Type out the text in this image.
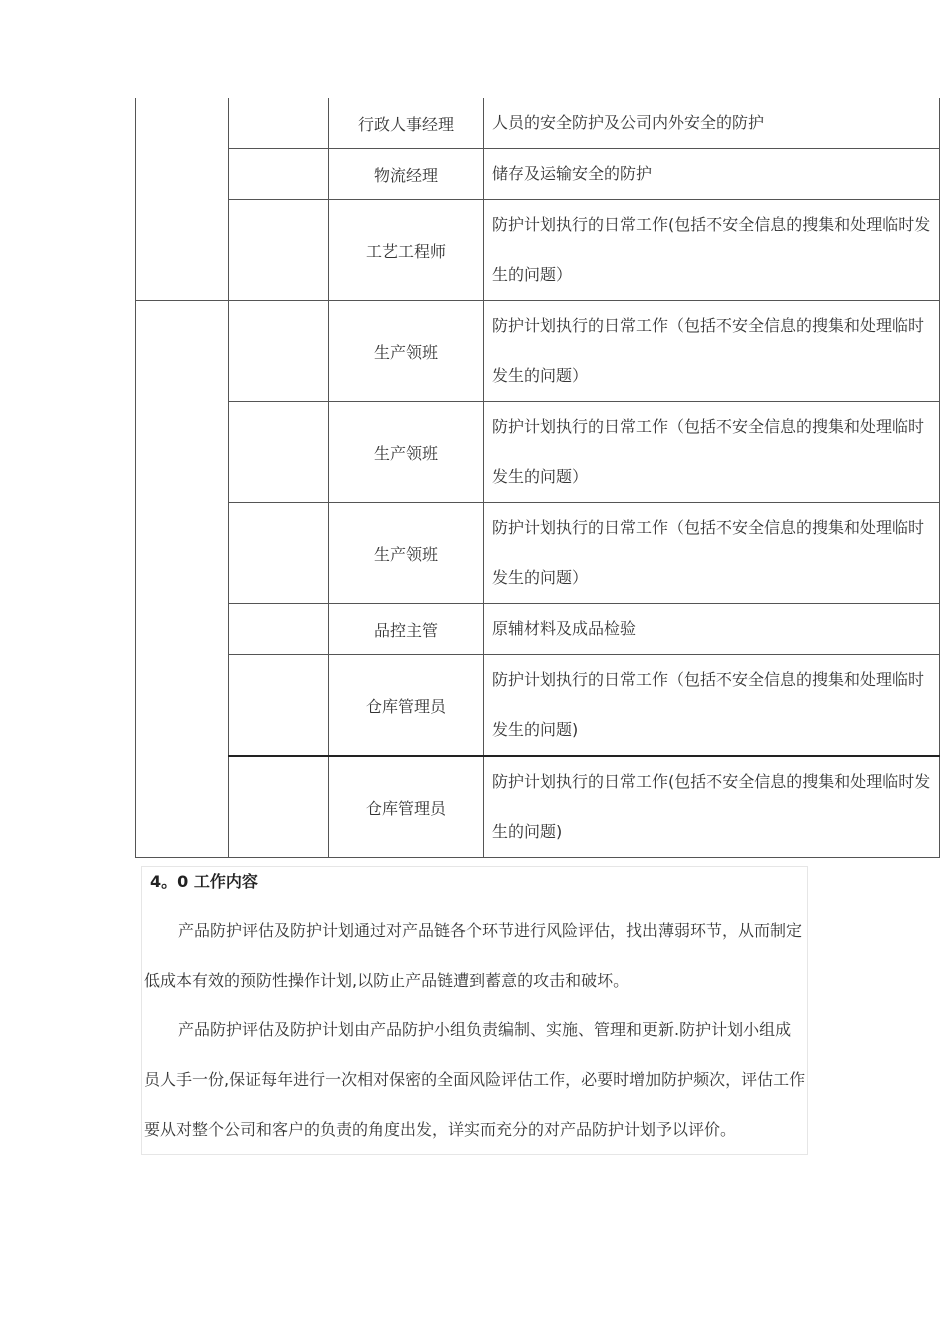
		行政人事经理	人员的安全防护及公司内外安全的防护
		物流经理	储存及运输安全的防护
		工艺工程师	防护计划执行的日常工作(包括不安全信息的搜集和处理临时发生的问题）
		生产领班	防护计划执行的日常工作（包括不安全信息的搜集和处理临时发生的问题）
		生产领班	防护计划执行的日常工作（包括不安全信息的搜集和处理临时发生的问题）
		生产领班	防护计划执行的日常工作（包括不安全信息的搜集和处理临时发生的问题）
		品控主管	原辅材料及成品检验
		仓库管理员	防护计划执行的日常工作（包括不安全信息的搜集和处理临时发生的问题)
		仓库管理员	防护计划执行的日常工作(包括不安全信息的搜集和处理临时发生的问题)
4。0 工作内容

产品防护评估及防护计划通过对产品链各个环节进行风险评估，找出薄弱环节，从而制定低成本有效的预防性操作计划,以防止产品链遭到蓄意的攻击和破坏。

产品防护评估及防护计划由产品防护小组负责编制、实施、管理和更新.防护计划小组成员人手一份,保证每年进行一次相对保密的全面风险评估工作，必要时增加防护频次，评估工作要从对整个公司和客户的负责的角度出发，详实而充分的对产品防护计划予以评价。
